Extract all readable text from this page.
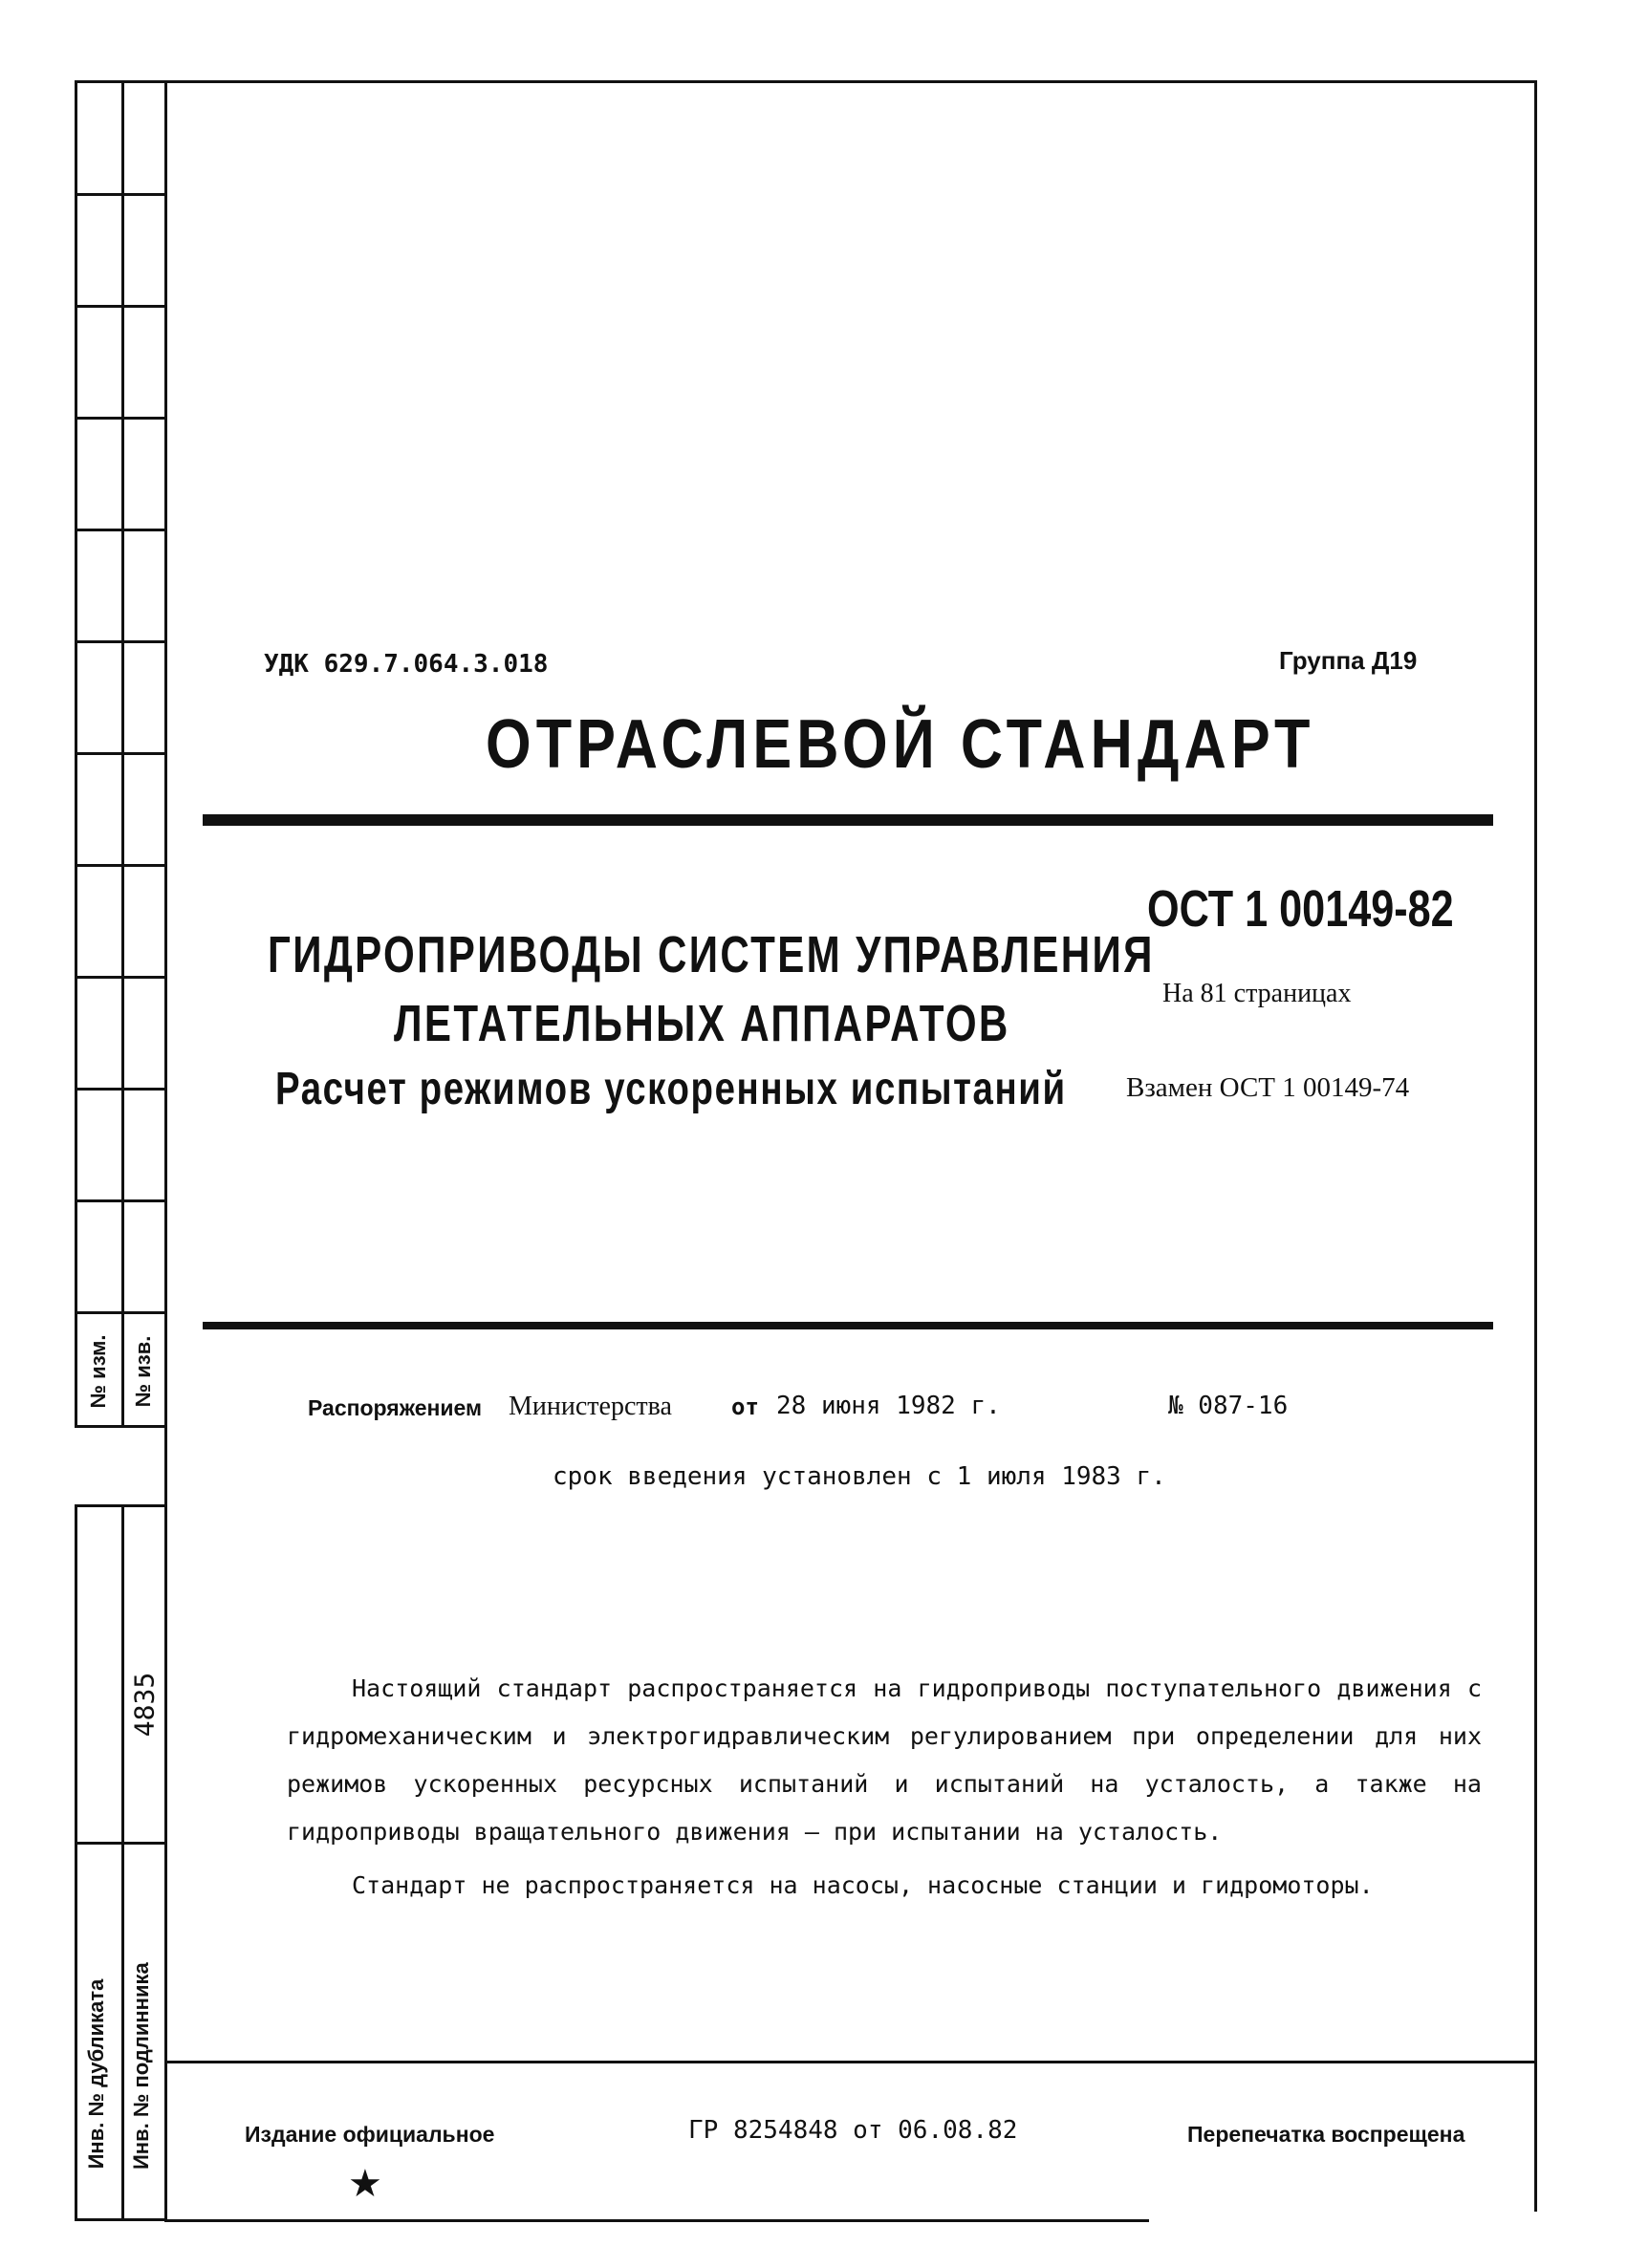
№ изм. № изв.
4835
Инв. № дубликата Инв. № подлинника
УДК 629.7.064.3.018	Группа Д19
ОТРАСЛЕВОЙ СТАНДАРТ
ГИДРОПРИВОДЫ СИСТЕМ УПРАВЛЕНИЯ
ЛЕТАТЕЛЬНЫХ АППАРАТОВ
Расчет режимов ускоренных испытаний
ОСТ 1 00149-82
На 81 страницах
Взамен ОСТ 1 00149-74
Распоряжением Министерства	от 28 июня 1982 г.	№ 087-16
срок введения установлен с 1 июля 1983 г.
Настоящий стандарт распространяется на гидроприводы поступательного движения с гидромеханическим и электрогидравлическим регулированием при определении для них режимов ускоренных ресурсных испытаний и испытаний на усталость, а также на гидроприводы вращательного движения – при испытании на усталость.
Стандарт не распространяется на насосы, насосные станции и гидромоторы.
Издание официальное
★
ГР 8254848 от 06.08.82	Перепечатка воспрещена
